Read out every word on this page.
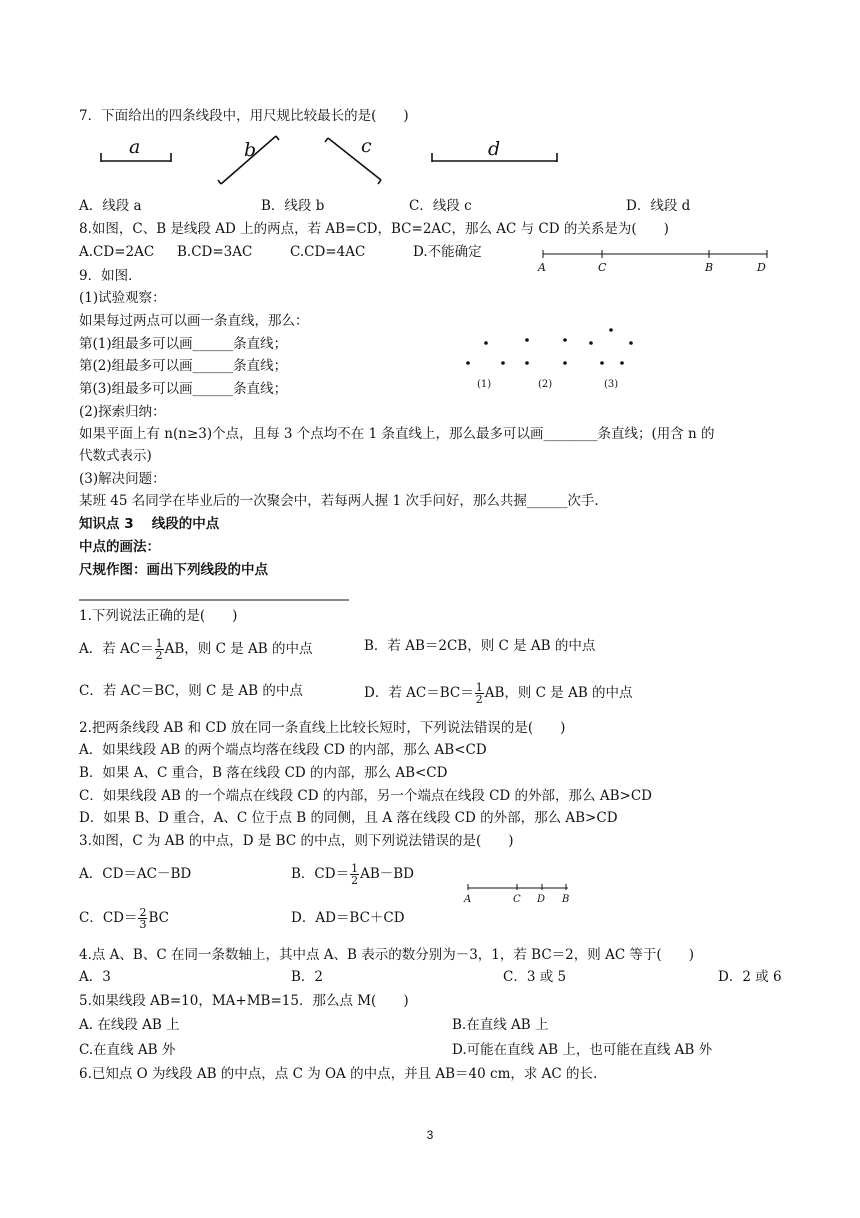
7．下面给出的四条线段中，用尺规比较最长的是(　　)
a	b	c	d
A．线段 a	B．线段 b	C．线段 c	D．线段 d
8.如图，C、B 是线段 AD 上的两点，若 AB=CD，BC=2AC，那么 AC 与 CD 的关系是为(　　)
A.CD=2AC B.CD=3AC	C.CD=4AC	D.不能确定
A	C	B	D
9．如图．
(1)试验观察：
如果每过两点可以画一条直线，那么：
第(1)组最多可以画______条直线；
第(2)组最多可以画______条直线；
第(3)组最多可以画______条直线；	(1)	(2)	(3)
(2)探索归纳：
如果平面上有 n(n≥3)个点，且每 3 个点均不在 1 条直线上，那么最多可以画________条直线；(用含 n 的
代数式表示)
(3)解决问题：
某班 45 名同学在毕业后的一次聚会中，若每两人握 1 次手问好，那么共握______次手.
知识点 3　 线段的中点
中点的画法：
尺规作图：画出下列线段的中点
1.下列说法正确的是(　　)
A．若 $AC= \frac{1}{2}$ AB，则 C 是 AB 的中点	B．若 AB＝2CB，则 C 是 AB 的中点
C．若 AC＝BC，则 C 是 AB 的中点	D．若 $AC=BC= \frac{1}{2}$ AB，则 C 是 AB 的中点
2.把两条线段 AB 和 CD 放在同一条直线上比较长短时，下列说法错误的是(　　)
A．如果线段 AB 的两个端点均落在线段 CD 的内部，那么 AB<CD
B．如果 A、C 重合，B 落在线段 CD 的内部，那么 AB<CD
C．如果线段 AB 的一个端点在线段 CD 的内部，另一个端点在线段 CD 的外部，那么 AB>CD
D．如果 B、D 重合，A、C 位于点 B 的同侧，且 A 落在线段 CD 的外部，那么 AB>CD
3.如图，C 为 AB 的中点，D 是 BC 的中点，则下列说法错误的是(　　)
A．CD＝AC－BD	B．$CD= \frac{1}{2} AB-BD$
A	C D B
C．$CD= \frac{2}{3}$ BC	D．AD＝BC＋CD
4.点 A、B、C 在同一条数轴上，其中点 A、B 表示的数分别为－3，1，若 BC＝2，则 AC 等于(　　)
A．3	B．2	C．3 或 5	D．2 或 6
5.如果线段 AB=10，MA+MB=15．那么点 M(　　)
A. 在线段 AB 上	B.在直线 AB 上
C.在直线 AB 外	D.可能在直线 AB 上，也可能在直线 AB 外
6.已知点 O 为线段 AB 的中点，点 C 为 OA 的中点，并且 AB＝40 cm，求 AC 的长.
3
